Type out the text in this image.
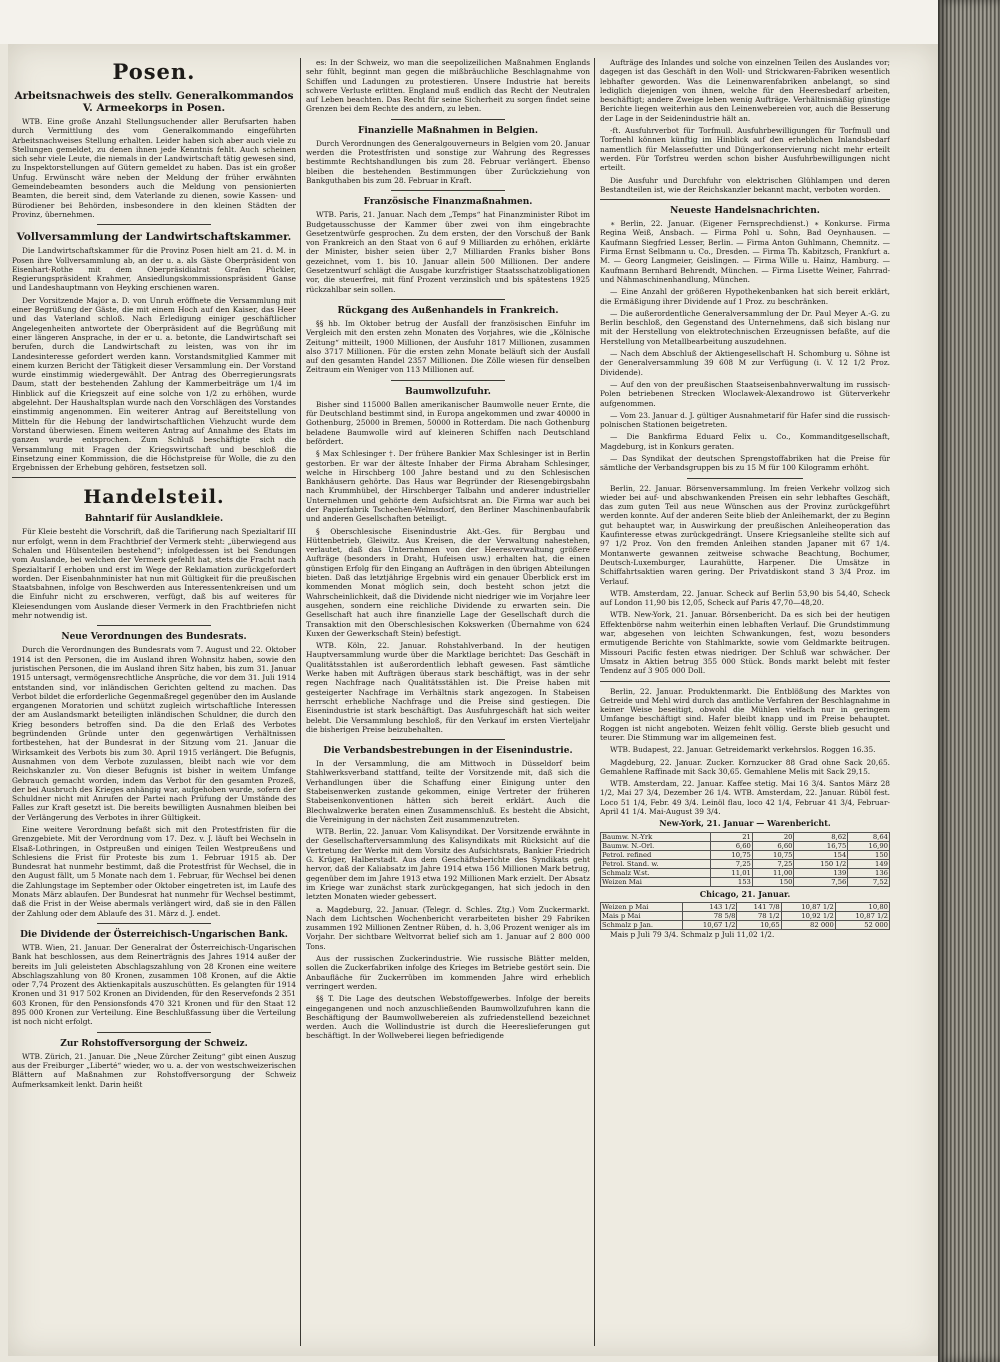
Posen.
Arbeitsnachweis des stellv. Generalkommandos V. Armeekorps in Posen.

WTB. Eine große Anzahl Stellungsuchender aller Berufsarten haben durch Vermittlung des vom Generalkommando eingeführten Arbeitsnachweises Stellung erhalten. Leider haben sich aber auch viele zu Stellungen gemeldet, zu denen ihnen jede Kenntnis fehlt. Auch scheinen sich sehr viele Leute, die niemals in der Landwirtschaft tätig gewesen sind, zu Inspektorstellungen auf Gütern gemeldet zu haben. Das ist ein großer Unfug. Erwünscht wäre neben der Meldung der früher erwähnten Gemeindebeamten besonders auch die Meldung von pensionierten Beamten, die bereit sind, dem Vaterlande zu dienen, sowie Kassen- und Bürodiener bei Behörden, insbesondere in den kleinen Städten der Provinz, übernehmen.

Vollversammlung der Landwirtschaftskammer.

Die Landwirtschaftskammer für die Provinz Posen hielt am 21. d. M. in Posen ihre Vollversammlung ab, an der u. a. als Gäste Oberpräsident von Eisenhart-Rothe mit dem Oberpräsidialrat Grafen Pückler, Regierungspräsident Krahmer, Ansiedlungskommissionspräsident Ganse und Landeshauptmann von Heyking erschienen waren.

Der Vorsitzende Major a. D. von Unruh eröffnete die Versammlung mit einer Begrüßung der Gäste, die mit einem Hoch auf den Kaiser, das Heer und das Vaterland schloß. Nach Erledigung einiger geschäftlicher Angelegenheiten antwortete der Oberpräsident auf die Begrüßung mit einer längeren Ansprache, in der er u. a. betonte, die Landwirtschaft sei berufen, durch die Landwirtschaft zu leisten, was von ihr im Landesinteresse gefordert werden kann. Vorstandsmitglied Kammer mit einem kurzen Bericht der Tätigkeit dieser Versammlung ein. Der Vorstand wurde einstimmig wiedergewählt. Der Antrag des Oberregierungsrats Daum, statt der bestehenden Zahlung der Kammerbeiträge um 1/4 im Hinblick auf die Kriegszeit auf eine solche von 1/2 zu erhöhen, wurde abgelehnt. Der Haushaltsplan wurde nach den Vorschlägen des Vorstandes einstimmig angenommen. Ein weiterer Antrag auf Bereitstellung von Mitteln für die Hebung der landwirtschaftlichen Viehzucht wurde dem Vorstand überwiesen. Einem weiteren Antrag auf Annahme des Etats im ganzen wurde entsprochen. Zum Schluß beschäftigte sich die Versammlung mit Fragen der Kriegswirtschaft und beschloß die Einsetzung einer Kommission, die die Höchstpreise für Wolle, die zu den Ergebnissen der Erhebung gehören, festsetzen soll.

Handelsteil.
Bahntarif für Auslandkleie.

Für Kleie besteht die Vorschrift, daß die Tarifierung nach Spezialtarif III nur erfolgt, wenn in dem Frachtbrief der Vermerk steht: „überwiegend aus Schalen und Hülsenteilen bestehend“; infolgedessen ist bei Sendungen vom Auslande, bei welchen der Vermerk gefehlt hat, stets die Fracht nach Spezialtarif I erhoben und erst im Wege der Reklamation zurückgefordert worden. Der Eisenbahnminister hat nun mit Gültigkeit für die preußischen Staatsbahnen, infolge von Beschwerden aus Interessentenkreisen und um die Einfuhr nicht zu erschweren, verfügt, daß bis auf weiteres für Kleiesendungen vom Auslande dieser Vermerk in den Frachtbriefen nicht mehr notwendig ist.

Neue Verordnungen des Bundesrats.

Durch die Verordnungen des Bundesrats vom 7. August und 22. Oktober 1914 ist den Personen, die im Ausland ihren Wohnsitz haben, sowie den juristischen Personen, die im Ausland ihren Sitz haben, bis zum 31. Januar 1915 untersagt, vermögensrechtliche Ansprüche, die vor dem 31. Juli 1914 entstanden sind, vor inländischen Gerichten geltend zu machen. Das Verbot bildet die erforderliche Gegenmaßregel gegenüber den im Auslande ergangenen Moratorien und schützt zugleich wirtschaftliche Interessen der am Auslandsmarkt beteiligten inländischen Schuldner, die durch den Krieg besonders betroffen sind. Da die den Erlaß des Verbotes begründenden Gründe unter den gegenwärtigen Verhältnissen fortbestehen, hat der Bundesrat in der Sitzung vom 21. Januar die Wirksamkeit des Verbots bis zum 30. April 1915 verlängert. Die Befugnis, Ausnahmen von dem Verbote zuzulassen, bleibt nach wie vor dem Reichskanzler zu. Von dieser Befugnis ist bisher in weitem Umfange Gebrauch gemacht worden, indem das Verbot für den gesamten Prozeß, der bei Ausbruch des Krieges anhängig war, aufgehoben wurde, sofern der Schuldner nicht mit Anrufen der Partei nach Prüfung der Umstände des Falles zur Kraft gesetzt ist. Die bereits bewilligten Ausnahmen bleiben bei der Verlängerung des Verbotes in ihrer Gültigkeit.

Eine weitere Verordnung befaßt sich mit den Protestfristen für die Grenzgebiete. Mit der Verordnung vom 17. Dez. v. J. läuft bei Wechseln in Elsaß-Lothringen, in Ostpreußen und einigen Teilen Westpreußens und Schlesiens die Frist für Proteste bis zum 1. Februar 1915 ab. Der Bundesrat hat nunmehr bestimmt, daß die Protestfrist für Wechsel, die in den August fällt, um 5 Monate nach dem 1. Februar, für Wechsel bei denen die Zahlungstage im September oder Oktober eingetreten ist, im Laufe des Monats März ablaufen. Der Bundesrat hat nunmehr für Wechsel bestimmt, daß die Frist in der Weise abermals verlängert wird, daß sie in den Fällen der Zahlung oder dem Ablaufe des 31. März d. J. endet.

Die Dividende der Österreichisch-Ungarischen Bank.

WTB. Wien, 21. Januar. Der Generalrat der Österreichisch-Ungarischen Bank hat beschlossen, aus dem Reinerträgnis des Jahres 1914 außer der bereits im Juli geleisteten Abschlagszahlung von 28 Kronen eine weitere Abschlagszahlung von 80 Kronen, zusammen 108 Kronen, auf die Aktie oder 7,74 Prozent des Aktienkapitals auszuschütten. Es gelangten für 1914 Kronen und 31 917 502 Kronen an Dividenden, für den Reservefonds 2 351 603 Kronen, für den Pensionsfonds 470 321 Kronen und für den Staat 12 895 000 Kronen zur Verteilung. Eine Beschlußfassung über die Verteilung ist noch nicht erfolgt.

Zur Rohstoffversorgung der Schweiz.

WTB. Zürich, 21. Januar. Die „Neue Zürcher Zeitung“ gibt einen Auszug aus der Freiburger „Liberté“ wieder, wo u. a. der von westschweizerischen Blättern auf Maßnahmen zur Rohstoffversorgung der Schweiz Aufmerksamkeit lenkt. Darin heißt

es: In der Schweiz, wo man die seepolizeilichen Maßnahmen Englands sehr fühlt, beginnt man gegen die mißbräuchliche Beschlagnahme von Schiffen und Ladungen zu protestieren. Unsere Industrie hat bereits schwere Verluste erlitten. England muß endlich das Recht der Neutralen auf Leben beachten. Das Recht für seine Sicherheit zu sorgen findet seine Grenzen bei dem Rechte des andern, zu leben.

Finanzielle Maßnahmen in Belgien.

Durch Verordnungen des Generalgouverneurs in Belgien vom 20. Januar werden die Protestfristen und sonstige zur Wahrung des Regresses bestimmte Rechtshandlungen bis zum 28. Februar verlängert. Ebenso bleiben die bestehenden Bestimmungen über Zurückziehung von Bankguthaben bis zum 28. Februar in Kraft.

Französische Finanzmaßnahmen.

WTB. Paris, 21. Januar. Nach dem „Temps“ hat Finanzminister Ribot im Budgetausschusse der Kammer über zwei von ihm eingebrachte Gesetzentwürfe gesprochen. Zu dem ersten, der den Vorschuß der Bank von Frankreich an den Staat von 6 auf 9 Milliarden zu erhöhen, erklärte der Minister, bisher seien über 2,7 Milliarden Franks bisher Bons gezeichnet, vom 1. bis 10. Januar allein 500 Millionen. Der andere Gesetzentwurf schlägt die Ausgabe kurzfristiger Staatsschatzobligationen vor, die steuerfrei, mit fünf Prozent verzinslich und bis spätestens 1925 rückzahlbar sein sollen.

Rückgang des Außenhandels in Frankreich.

§§ hb. Im Oktober betrug der Ausfall der französischen Einfuhr im Vergleich mit den ersten zehn Monaten des Vorjahres, wie die „Kölnische Zeitung“ mitteilt, 1900 Millionen, der Ausfuhr 1817 Millionen, zusammen also 3717 Millionen. Für die ersten zehn Monate beläuft sich der Ausfall auf den gesamten Handel 2357 Millionen. Die Zölle wiesen für denselben Zeitraum ein Weniger von 113 Millionen auf.

Baumwollzufuhr.

Bisher sind 115000 Ballen amerikanischer Baumwolle neuer Ernte, die für Deutschland bestimmt sind, in Europa angekommen und zwar 40000 in Gothenburg, 25000 in Bremen, 50000 in Rotterdam. Die nach Gothenburg beladene Baumwolle wird auf kleineren Schiffen nach Deutschland befördert.

§ Max Schlesinger †. Der frühere Bankier Max Schlesinger ist in Berlin gestorben. Er war der älteste Inhaber der Firma Abraham Schlesinger, welche in Hirschberg 100 Jahre bestand und zu den Schlesischen Bankhäusern gehörte. Das Haus war Begründer der Riesengebirgsbahn nach Krummhübel, der Hirschberger Talbahn und anderer industrieller Unternehmen und gehörte dem Aufsichtsrat an. Die Firma war auch bei der Papierfabrik Tschechen-Welmsdorf, den Berliner Maschinenbaufabrik und anderen Gesellschaften beteiligt.

§ Oberschlesische Eisenindustrie Akt.-Ges. für Bergbau und Hüttenbetrieb, Gleiwitz. Aus Kreisen, die der Verwaltung nahestehen, verlautet, daß das Unternehmen von der Heeresverwaltung größere Aufträge (besonders in Draht, Hufeisen usw.) erhalten hat, die einen günstigen Erfolg für den Eingang an Aufträgen in den übrigen Abteilungen bieten. Daß das letztjährige Ergebnis wird ein genauer Überblick erst im kommenden Monat möglich sein, doch besteht schon jetzt die Wahrscheinlichkeit, daß die Dividende nicht niedriger wie im Vorjahre leer ausgehen, sondern eine reichliche Dividende zu erwarten sein. Die Gesellschaft hat auch ihre finanzielle Lage der Gesellschaft durch die Transaktion mit den Oberschlesischen Kokswerken (Übernahme von 624 Kuxen der Gewerkschaft Stein) befestigt.

WTB. Köln, 22. Januar. Rohstahlverband. In der heutigen Hauptversammlung wurde über die Marktlage berichtet: Das Geschäft in Qualitätsstahlen ist außerordentlich lebhaft gewesen. Fast sämtliche Werke haben mit Aufträgen überaus stark beschäftigt, was in der sehr regen Nachfrage nach Qualitätsstählen ist. Die Preise haben mit gesteigerter Nachfrage im Verhältnis stark angezogen. In Stabeisen herrscht erhebliche Nachfrage und die Preise sind gestiegen. Die Eisenindustrie ist stark beschäftigt. Das Ausfuhrgeschäft hat sich weiter belebt. Die Versammlung beschloß, für den Verkauf im ersten Vierteljahr die bisherigen Preise beizubehalten.

Die Verbandsbestrebungen in der Eisenindustrie.

In der Versammlung, die am Mittwoch in Düsseldorf beim Stahlwerksverband stattfand, teilte der Vorsitzende mit, daß sich die Verhandlungen über die Schaffung einer Einigung unter den Stabeisenwerken zustande gekommen, einige Vertreter der früheren Stabeisenkonventionen hätten sich bereit erklärt. Auch die Blechwalzwerke beraten einen Zusammenschluß. Es besteht die Absicht, die Vereinigung in der nächsten Zeit zusammenzutreten.

WTB. Berlin, 22. Januar. Vom Kalisyndikat. Der Vorsitzende erwähnte in der Gesellschafterversammlung des Kalisyndikats mit Rücksicht auf die Vertretung der Werke mit dem Vorsitz des Aufsichtsrats, Bankier Friedrich G. Krüger, Halberstadt. Aus dem Geschäftsberichte des Syndikats geht hervor, daß der Kaliabsatz im Jahre 1914 etwa 156 Millionen Mark betrug, gegenüber dem im Jahre 1913 etwa 192 Millionen Mark erzielt. Der Absatz im Kriege war zunächst stark zurückgegangen, hat sich jedoch in den letzten Monaten wieder gebessert.

a. Magdeburg, 22. Januar. (Telegr. d. Schles. Ztg.) Vom Zuckermarkt. Nach dem Lichtschen Wochenbericht verarbeiteten bisher 29 Fabriken zusammen 192 Millionen Zentner Rüben, d. h. 3,06 Prozent weniger als im Vorjahr. Der sichtbare Weltvorrat belief sich am 1. Januar auf 2 800 000 Tons.

Aus der russischen Zuckerindustrie. Wie russische Blätter melden, sollen die Zuckerfabriken infolge des Krieges im Betriebe gestört sein. Die Anbaufläche für Zuckerrüben im kommenden Jahre wird erheblich verringert werden.

§§ T. Die Lage des deutschen Webstoffgewerbes. Infolge der bereits eingegangenen und noch anzuschließenden Baumwollzufuhren kann die Beschäftigung der Baumwollwebereien als zufriedenstellend bezeichnet werden. Auch die Wollindustrie ist durch die Heereslieferungen gut beschäftigt. In der Wollweberei liegen befriedigende

Aufträge des Inlandes und solche von einzelnen Teilen des Auslandes vor; dagegen ist das Geschäft in den Woll- und Strickwaren-Fabriken wesentlich lebhafter geworden. Was die Leinenwarenfabriken anbelangt, so sind lediglich diejenigen von ihnen, welche für den Heeresbedarf arbeiten, beschäftigt; andere Zweige leben wenig Aufträge. Verhältnismäßig günstige Berichte liegen weiterhin aus den Leinenwebereien vor, auch die Besserung der Lage in der Seidenindustrie hält an.

-ft. Ausfuhrverbot für Torfmull. Ausfuhrbewilligungen für Torfmull und Torfmehl können künftig im Hinblick auf den erheblichen Inlandsbedarf namentlich für Melassefutter und Düngerkonservierung nicht mehr erteilt werden. Für Torfstreu werden schon bisher Ausfuhrbewilligungen nicht erteilt.

Die Ausfuhr und Durchfuhr von elektrischen Glühlampen und deren Bestandteilen ist, wie der Reichskanzler bekannt macht, verboten worden.

Neueste Handelsnachrichten.

∗ Berlin, 22. Januar. (Eigener Fernsprechdienst.) ∗ Konkurse. Firma Regina Weiß, Ansbach. — Firma Pohl u. Sohn, Bad Oeynhausen. — Kaufmann Siegfried Lesser, Berlin. — Firma Anton Guhlmann, Chemnitz. — Firma Ernst Selbmann u. Co., Dresden. — Firma Th. Kabitzsch, Frankfurt a. M. — Georg Langmeier, Geislingen. — Firma Wille u. Hainz, Hamburg. — Kaufmann Bernhard Behrendt, München. — Firma Lisette Weiner, Fahrrad- und Nähmaschinenhandlung, München.

— Eine Anzahl der größeren Hypothekenbanken hat sich bereit erklärt, die Ermäßigung ihrer Dividende auf 1 Proz. zu beschränken.

— Die außerordentliche Generalversammlung der Dr. Paul Meyer A.-G. zu Berlin beschloß, den Gegenstand des Unternehmens, daß sich bislang nur mit der Herstellung von elektrotechnischen Erzeugnissen befaßte, auf die Herstellung von Metallbearbeitung auszudehnen.

— Nach dem Abschluß der Aktiengesellschaft H. Schomburg u. Söhne ist der Generalversammlung 39 608 M zur Verfügung (i. V. 12 1/2 Proz. Dividende).

— Auf den von der preußischen Staatseisenbahnverwaltung im russisch-Polen betriebenen Strecken Wloclawek-Alexandrowo ist Güterverkehr aufgenommen.

— Vom 23. Januar d. J. gültiger Ausnahmetarif für Hafer sind die russisch-polnischen Stationen beigetreten.

— Die Bankfirma Eduard Felix u. Co., Kommanditgesellschaft, Magdeburg, ist in Konkurs geraten.

— Das Syndikat der deutschen Sprengstoffabriken hat die Preise für sämtliche der Verbandsgruppen bis zu 15 M für 100 Kilogramm erhöht.

Berlin, 22. Januar. Börsenversammlung. Im freien Verkehr vollzog sich wieder bei auf- und abschwankenden Preisen ein sehr lebhaftes Geschäft, das zum guten Teil aus neue Wünschen aus der Provinz zurückgeführt werden konnte. Auf der anderen Seite blieb der Anleihemarkt, der zu Beginn gut behauptet war, in Auswirkung der preußischen Anleiheoperation das Kaufinteresse etwas zurückgedrängt. Unsere Kriegsanleihe stellte sich auf 97 1/2 Proz. Von den fremden Anleihen standen Japaner mit 67 1/4. Montanwerte gewannen zeitweise schwache Beachtung, Bochumer, Deutsch-Luxemburger, Laurahütte, Harpener. Die Umsätze in Schiffahrtsaktien waren gering. Der Privatdiskont stand 3 3/4 Proz. im Verlauf.

WTB. Amsterdam, 22. Januar. Scheck auf Berlin 53,90 bis 54,40, Scheck auf London 11,90 bis 12,05, Scheck auf Paris 47,70—48,20.

WTB. New-York, 21. Januar. Börsenbericht. Da es sich bei der heutigen Effektenbörse nahm weiterhin einen lebhaften Verlauf. Die Grundstimmung war, abgesehen von leichten Schwankungen, fest, wozu besonders ermutigende Berichte von Stahlmarkte, sowie vom Geldmarkte beitrugen. Missouri Pacific festen etwas niedriger. Der Schluß war schwächer. Der Umsatz in Aktien betrug 355 000 Stück. Bonds markt belebt mit fester Tendenz auf 3 905 000 Doll.

Berlin, 22. Januar. Produktenmarkt. Die Entblößung des Marktes von Getreide und Mehl wird durch das amtliche Verfahren der Beschlagnahme in keiner Weise beseitigt, obwohl die Mühlen vielfach nur in geringem Umfange beschäftigt sind. Hafer bleibt knapp und im Preise behauptet. Roggen ist nicht angeboten. Weizen fehlt völlig. Gerste blieb gesucht und teurer. Die Stimmung war im allgemeinen fest.

WTB. Budapest, 22. Januar. Getreidemarkt verkehrslos. Roggen 16.35.

Magdeburg, 22. Januar. Zucker. Kornzucker 88 Grad ohne Sack 20,65. Gemahlene Raffinade mit Sack 30,65. Gemahlene Melis mit Sack 29,15.

WTB. Amsterdam, 22. Januar. Kaffee stetig. Mai 16 3/4. Santos März 28 1/2, Mai 27 3/4, Dezember 26 1/4. WTB. Amsterdam, 22. Januar. Rüböl fest. Loco 51 1/4, Febr. 49 3/4. Leinöl flau, loco 42 1/4, Februar 41 3/4, Februar-April 41 1/4. Mai-August 39 3/4.

New-York, 21. Januar — Warenbericht.
Baumw. N.-Yrk	21	20	8,62	8,64
Baumw. N.-Orl.	6,60	6,60	16,75	16,90
Petrol. refined	10,75	10,75	154	150
Petrol. Stand. w.	7,25	7,25	150 1/2	149
Schmalz W.st.	11,01	11,00	139	136
Weizen Mai	153	150	7,56	7,52
Chicago, 21. Januar.
Weizen p Mai	143 1/2	141 7/8	10,87 1/2	10,80
Mais p Mai	78 5/8	78 1/2	10,92 1/2	10,87 1/2
Schmalz p Jan.	10,67 1/2	10,65	82 000	52 000

Mais p Juli 79 3/4. Schmalz p Juli 11,02 1/2.
